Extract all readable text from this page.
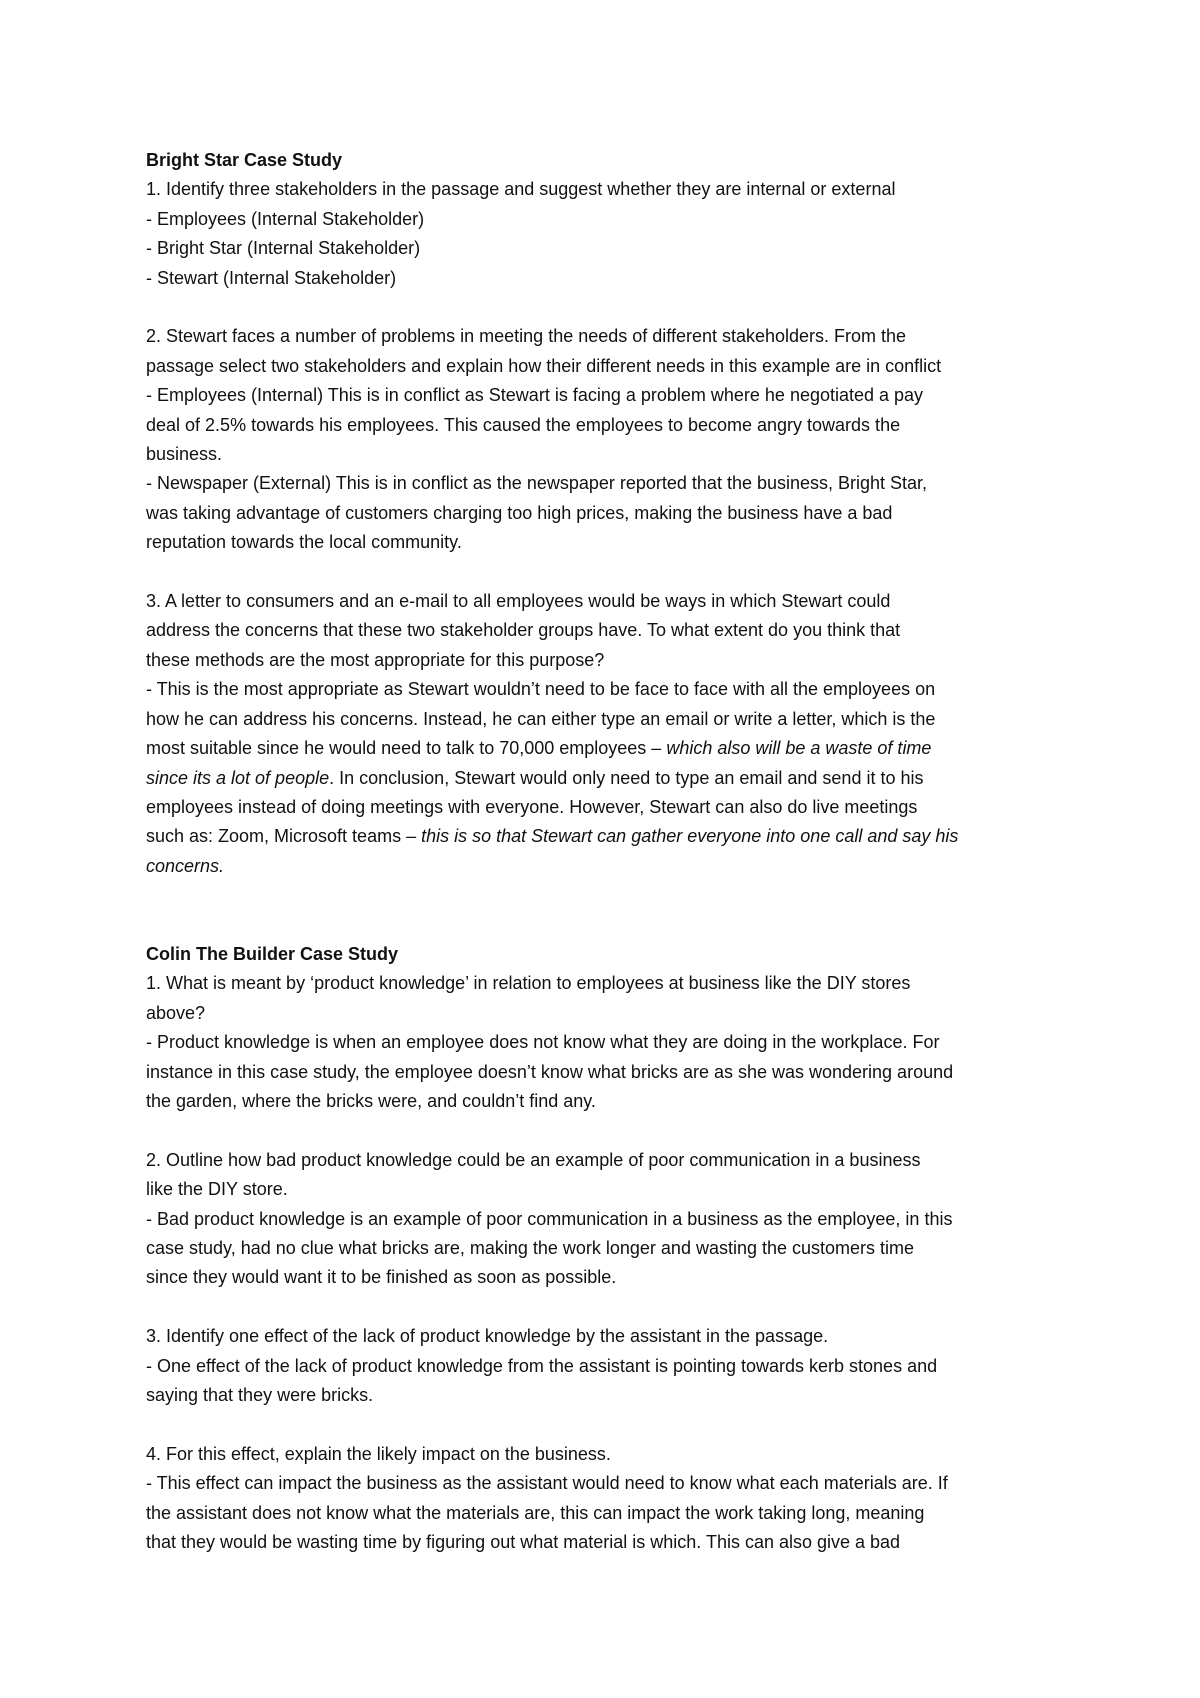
Bright Star Case Study
1. Identify three stakeholders in the passage and suggest whether they are internal or external
- Employees (Internal Stakeholder)
- Bright Star (Internal Stakeholder)
- Stewart (Internal Stakeholder)
2. Stewart faces a number of problems in meeting the needs of different stakeholders. From the
passage select two stakeholders and explain how their different needs in this example are in conflict
- Employees (Internal) This is in conflict as Stewart is facing a problem where he negotiated a pay
deal of 2.5% towards his employees. This caused the employees to become angry towards the
business.
- Newspaper (External) This is in conflict as the newspaper reported that the business, Bright Star,
was taking advantage of customers charging too high prices, making the business have a bad
reputation towards the local community.
3. A letter to consumers and an e-mail to all employees would be ways in which Stewart could
address the concerns that these two stakeholder groups have. To what extent do you think that
these methods are the most appropriate for this purpose?
- This is the most appropriate as Stewart wouldn’t need to be face to face with all the employees on
how he can address his concerns. Instead, he can either type an email or write a letter, which is the
most suitable since he would need to talk to 70,000 employees – which also will be a waste of time
since its a lot of people. In conclusion, Stewart would only need to type an email and send it to his
employees instead of doing meetings with everyone. However, Stewart can also do live meetings
such as: Zoom, Microsoft teams – this is so that Stewart can gather everyone into one call and say his
concerns.
Colin The Builder Case Study
1. What is meant by ‘product knowledge’ in relation to employees at business like the DIY stores
above?
- Product knowledge is when an employee does not know what they are doing in the workplace. For
instance in this case study, the employee doesn’t know what bricks are as she was wondering around
the garden, where the bricks were, and couldn’t find any.
2. Outline how bad product knowledge could be an example of poor communication in a business
like the DIY store.
- Bad product knowledge is an example of poor communication in a business as the employee, in this
case study, had no clue what bricks are, making the work longer and wasting the customers time
since they would want it to be finished as soon as possible.
3. Identify one effect of the lack of product knowledge by the assistant in the passage.
- One effect of the lack of product knowledge from the assistant is pointing towards kerb stones and
saying that they were bricks.
4. For this effect, explain the likely impact on the business.
- This effect can impact the business as the assistant would need to know what each materials are. If
the assistant does not know what the materials are, this can impact the work taking long, meaning
that they would be wasting time by figuring out what material is which. This can also give a bad
